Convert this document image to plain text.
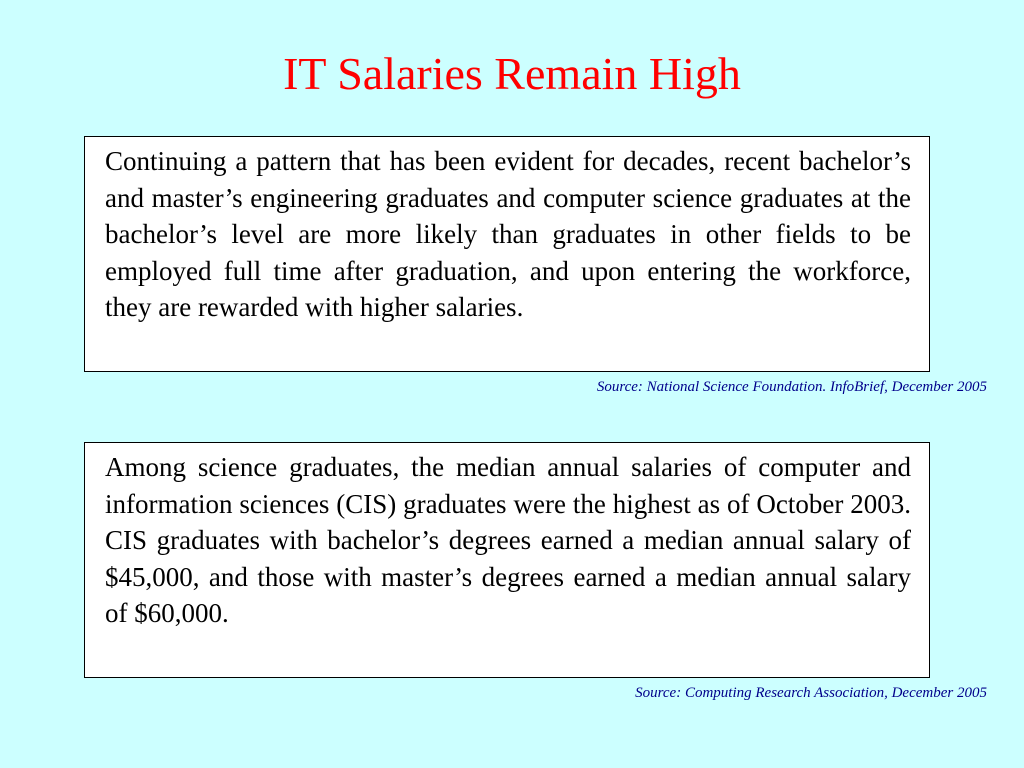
IT Salaries Remain High

Continuing a pattern that has been evident for decades, recent bachelor’s and master’s engineering graduates and computer science graduates at the bachelor’s level are more likely than graduates in other fields to be employed full time after graduation, and upon entering the workforce, they are rewarded with higher salaries.

Source: National Science Foundation. InfoBrief, December 2005

Among science graduates, the median annual salaries of computer and information sciences (CIS) graduates were the highest as of October 2003. CIS graduates with bachelor’s degrees earned a median annual salary of $45,000, and those with master’s degrees earned a median annual salary of $60,000.

Source: Computing Research Association, December 2005
